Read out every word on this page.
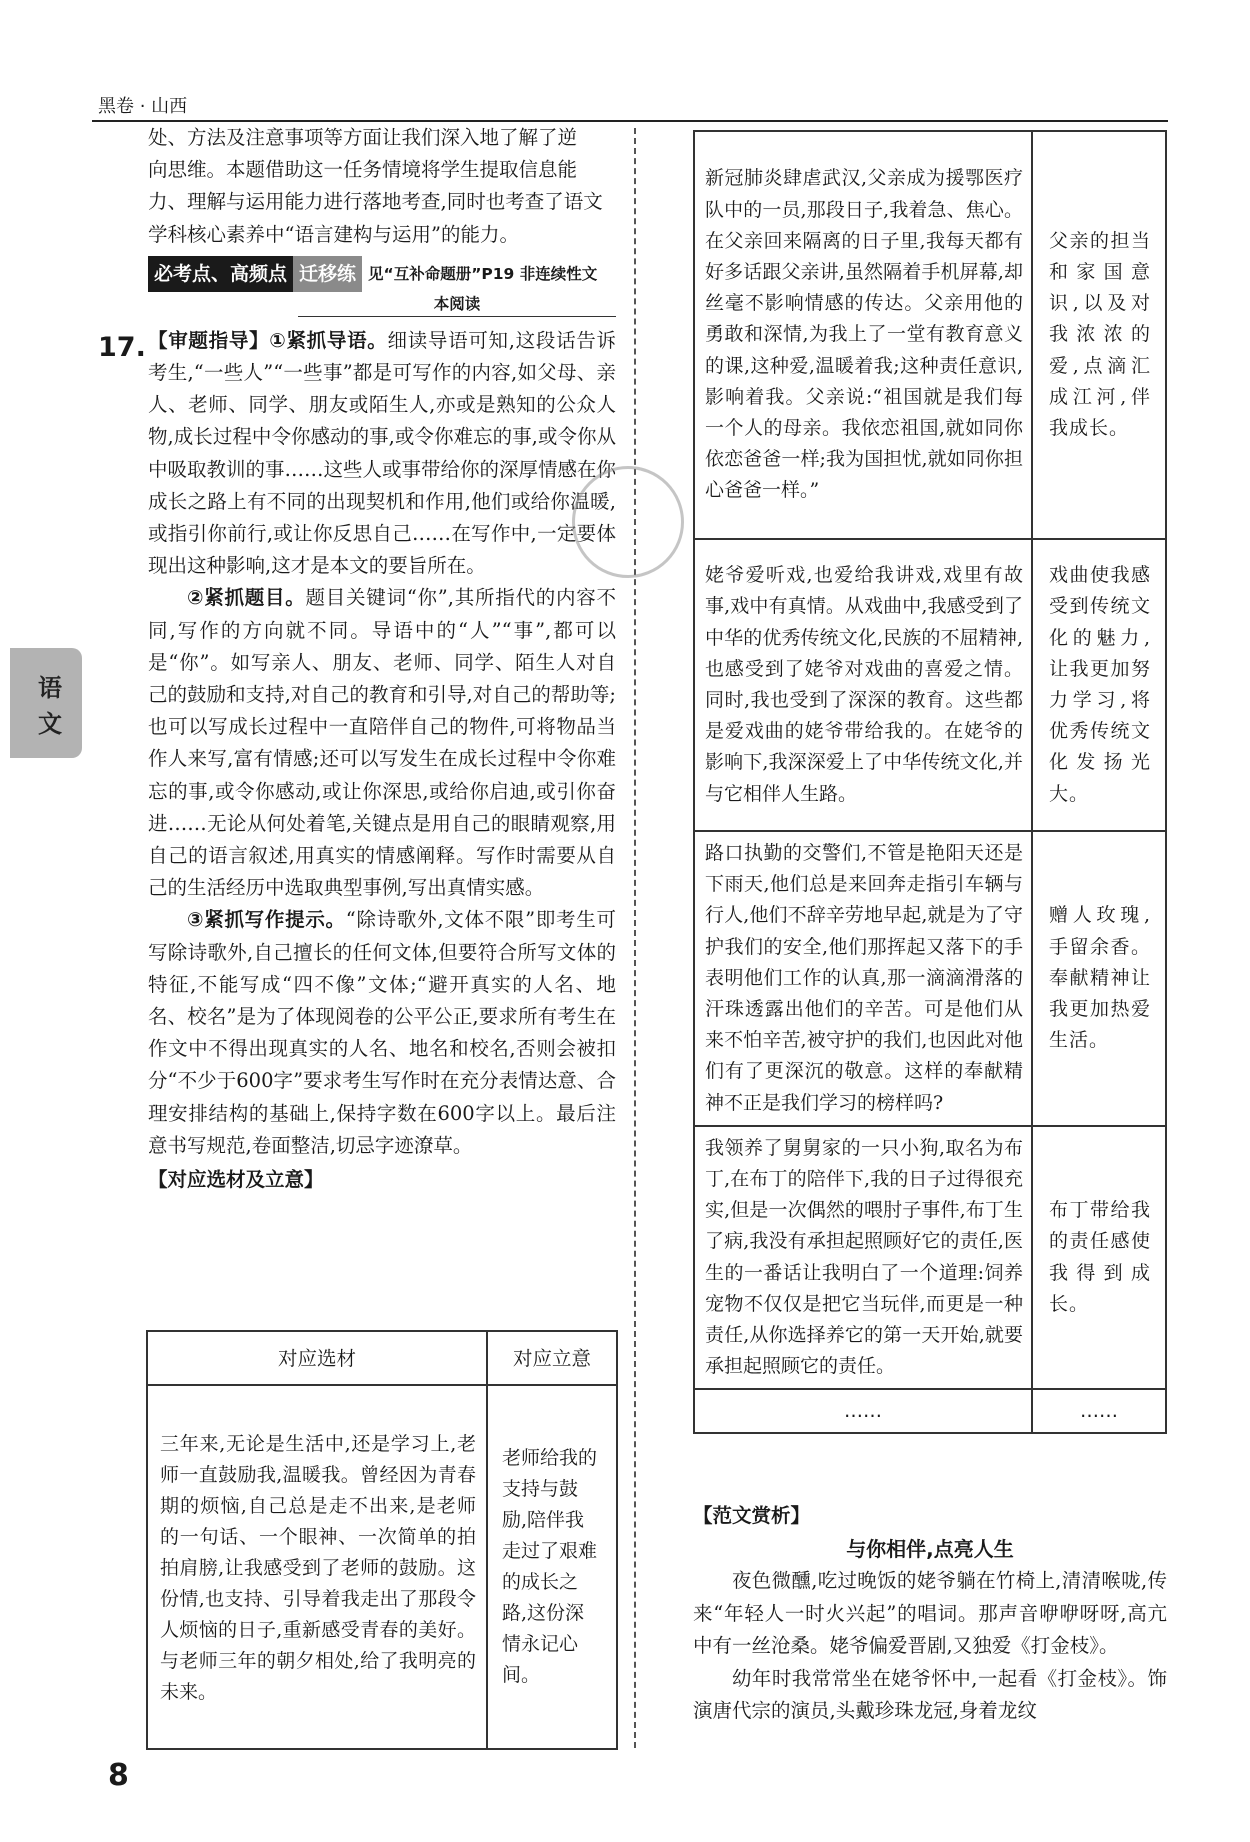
黑卷 · 山西

处、方法及注意事项等方面让我们深入地了解了逆

向思维。本题借助这一任务情境将学生提取信息能

力、理解与运用能力进行落地考查,同时也考查了语文

学科核心素养中“语言建构与运用”的能力。

必考点、高频点 迁移练 见“互补命题册”P19 非连续性文
本阅读

【审题指导】①紧抓导语。细读导语可知,这段话告诉考生,“一些人”“一些事”都是可写作的内容,如父母、亲人、老师、同学、朋友或陌生人,亦或是熟知的公众人物,成长过程中令你感动的事,或令你难忘的事,或令你从中吸取教训的事……这些人或事带给你的深厚情感在你成长之路上有不同的出现契机和作用,他们或给你温暖,或指引你前行,或让你反思自己……在写作中,一定要体现出这种影响,这才是本文的要旨所在。

②紧抓题目。题目关键词“你”,其所指代的内容不同,写作的方向就不同。导语中的“人”“事”,都可以是“你”。如写亲人、朋友、老师、同学、陌生人对自己的鼓励和支持,对自己的教育和引导,对自己的帮助等;也可以写成长过程中一直陪伴自己的物件,可将物品当作人来写,富有情感;还可以写发生在成长过程中令你难忘的事,或令你感动,或让你深思,或给你启迪,或引你奋进……无论从何处着笔,关键点是用自己的眼睛观察,用自己的语言叙述,用真实的情感阐释。写作时需要从自己的生活经历中选取典型事例,写出真情实感。

③紧抓写作提示。“除诗歌外,文体不限”即考生可写除诗歌外,自己擅长的任何文体,但要符合所写文体的特征,不能写成“四不像”文体;“避开真实的人名、地名、校名”是为了体现阅卷的公平公正,要求所有考生在作文中不得出现真实的人名、地名和校名,否则会被扣分“不少于600字”要求考生写作时在充分表情达意、合理安排结构的基础上,保持字数在600字以上。最后注意书写规范,卷面整洁,切忌字迹潦草。

【对应选材及立意】

17.
对应选材	对应立意
三年来,无论是生活中,还是学习上,老师一直鼓励我,温暖我。曾经因为青春期的烦恼,自己总是走不出来,是老师的一句话、一个眼神、一次简单的拍拍肩膀,让我感受到了老师的鼓励。这份情,也支持、引导着我走出了那段令人烦恼的日子,重新感受青春的美好。与老师三年的朝夕相处,给了我明亮的未来。	老师给我的支持与鼓励,陪伴我走过了艰难的成长之路,这份深情永记心间。
新冠肺炎肆虐武汉,父亲成为援鄂医疗队中的一员,那段日子,我着急、焦心。在父亲回来隔离的日子里,我每天都有好多话跟父亲讲,虽然隔着手机屏幕,却丝毫不影响情感的传达。父亲用他的勇敢和深情,为我上了一堂有教育意义的课,这种爱,温暖着我;这种责任意识,影响着我。父亲说:“祖国就是我们每一个人的母亲。我依恋祖国,就如同你依恋爸爸一样;我为国担忧,就如同你担心爸爸一样。”	父亲的担当和家国意识,以及对我浓浓的爱,点滴汇成江河,伴我成长。
姥爷爱听戏,也爱给我讲戏,戏里有故事,戏中有真情。从戏曲中,我感受到了中华的优秀传统文化,民族的不屈精神,也感受到了姥爷对戏曲的喜爱之情。同时,我也受到了深深的教育。这些都是爱戏曲的姥爷带给我的。在姥爷的影响下,我深深爱上了中华传统文化,并与它相伴人生路。	戏曲使我感受到传统文化的魅力,让我更加努力学习,将优秀传统文化发扬光大。
路口执勤的交警们,不管是艳阳天还是下雨天,他们总是来回奔走指引车辆与行人,他们不辞辛劳地早起,就是为了守护我们的安全,他们那挥起又落下的手表明他们工作的认真,那一滴滴滑落的汗珠透露出他们的辛苦。可是他们从来不怕辛苦,被守护的我们,也因此对他们有了更深沉的敬意。这样的奉献精神不正是我们学习的榜样吗?	赠人玫瑰,手留余香。奉献精神让我更加热爱生活。
我领养了舅舅家的一只小狗,取名为布丁,在布丁的陪伴下,我的日子过得很充实,但是一次偶然的喂肘子事件,布丁生了病,我没有承担起照顾好它的责任,医生的一番话让我明白了一个道理:饲养宠物不仅仅是把它当玩伴,而更是一种责任,从你选择养它的第一天开始,就要承担起照顾它的责任。	布丁带给我的责任感使我得到成长。
……	……

【范文赏析】

与你相伴,点亮人生

夜色微醺,吃过晚饭的姥爷躺在竹椅上,清清喉咙,传来“年轻人一时火兴起”的唱词。那声音咿咿呀呀,高亢中有一丝沧桑。姥爷偏爱晋剧,又独爱《打金枝》。

幼年时我常常坐在姥爷怀中,一起看《打金枝》。饰演唐代宗的演员,头戴珍珠龙冠,身着龙纹

语
文
8
